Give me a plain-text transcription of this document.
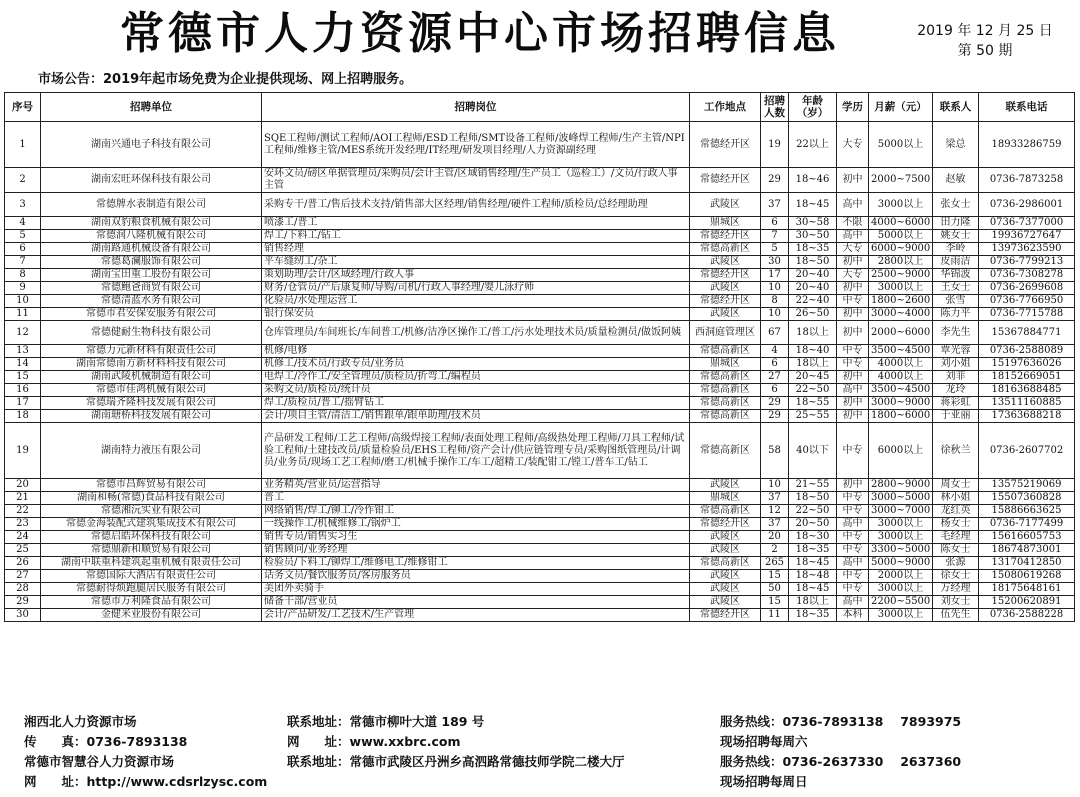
常德市人力资源中心市场招聘信息	2019 年 12 月 25 日
第 50 期
市场公告：2019年起市场免费为企业提供现场、网上招聘服务。
序号	招聘单位	招聘岗位	工作地点	招聘人数	年龄（岁）	学历	月薪（元）	联系人	联系电话
1	湖南兴通电子科技有限公司	SQE工程师/测试工程师/AOI工程师/ESD工程师/SMT设备工程师/波峰焊工程师/生产主管/NPI工程师/维修主管/MES系统开发经理/IT经理/研发项目经理/人力资源副经理	常德经开区	19	22以上	大专	5000以上	梁总	18933286759
2	湖南宏旺环保科技有限公司	安环文员/磅区单据管理员/采购员/会计主管/区域销售经理/生产员工（巡检工）/文员/行政人事主管	常德经开区	29	18~46	初中	2000~7500	赵敏	0736-7873258
3	常德牌水表制造有限公司	采购专干/普工/售后技术支持/销售部大区经理/销售经理/硬件工程师/质检员/总经理助理	武陵区	37	18~45	高中	3000以上	张女士	0736-2986001
4	湖南双豹粮食机械有限公司	喷漆工/普工	鼎城区	6	30~58	不限	4000~6000	田力隆	0736-7377000
5	常德润八隆机械有限公司	焊工/下料工/钻工	常德经开区	7	30~50	高中	5000以上	姚女士	19936727647
6	湖南路通机械设备有限公司	销售经理	常德高新区	5	18~35	大专	6000~9000	李岭	13973623590
7	常德葛澜服饰有限公司	平车缝纫工/杂工	武陵区	30	18~50	初中	2800以上	皮雨洁	0736-7799213
8	湖南宝田重工股份有限公司	策划助理/会计/区域经理/行政人事	常德经开区	17	20~40	大专	2500~9000	华锦波	0736-7308278
9	常德鲍爸商贸有限公司	财务/仓管员/产后康复师/导购/司机/行政人事经理/婴儿泳疗师	武陵区	10	20~40	初中	3000以上	王女士	0736-2699608
10	常德清蓝水务有限公司	化验员/水处理运营工	常德经开区	8	22~40	中专	1800~2600	张雪	0736-7766950
11	常德市君安保安服务有限公司	银行保安员	武陵区	10	26~50	初中	3000~4000	陈力平	0736-7715788
12	常德健耐生物科技有限公司	仓库管理员/车间班长/车间普工/机修/洁净区操作工/普工/污水处理技术员/质量检测员/做饭阿姨	西洞庭管理区	67	18以上	初中	2000~6000	李先生	15367884771
13	常德力元新材料有限责任公司	机修/电修	常德高新区	4	18~40	中专	3500~4500	覃光蓉	0736-2588089
14	湖南常德南方新材料科技有限公司	机修工/技术员/行政专员/业务员	鼎城区	6	18以上	中专	4000以上	刘小姐	15197636026
15	湖南武陵机械制造有限公司	电焊工/冷作工/安全管理员/质检员/折弯工/编程员	常德高新区	27	20~45	初中	4000以上	刘菲	18152669051
16	常德市佳鸿机械有限公司	采购文员/质检员/统计员	常德高新区	6	22~50	高中	3500~4500	龙玲	18163688485
17	常德瑞齐隆科技发展有限公司	焊工/质检员/普工/摇臂钻工	常德高新区	29	18~55	初中	3000~9000	蒋彩虹	13511160885
18	湖南瑭桥科技发展有限公司	会计/项目主管/清洁工/销售跟单/跟单助理/技术员	常德高新区	29	25~55	初中	1800~6000	于亚丽	17363688218
19	湖南特力液压有限公司	产品研发工程师/工艺工程师/高级焊接工程师/表面处理工程师/高级热处理工程师/刀具工程师/试验工程师/土建技改员/质量检验员/EHS工程师/资产会计/供应链管理专员/采购图纸管理员/计调员/业务员/现场工艺工程师/磨工/机械手操作工/车工/超精工/装配钳工/镗工/普车工/钻工	常德高新区	58	40以下	中专	6000以上	徐秋兰	0736-2607702
20	常德市昌辉贸易有限公司	业务精英/营业员/运营指导	武陵区	10	21~55	初中	2800~9000	周女士	13575219069
21	湖南和畅(常德)食品科技有限公司	普工	鼎城区	37	18~50	中专	3000~5000	林小姐	15507360828
22	常德湘沅实业有限公司	网络销售/焊工/铆工/冷作钳工	常德高新区	12	22~50	中专	3000~7000	龙红英	15886663625
23	常德金海装配式建筑集成技术有限公司	一线操作工/机械维修工/锅炉工	常德经开区	37	20~50	高中	3000以上	杨女士	0736-7177499
24	常德启皓环保科技有限公司	销售专员/销售实习生	武陵区	20	18~30	中专	3000以上	毛经理	15616605753
25	常德鼎新和顺贸易有限公司	销售顾问/业务经理	武陵区	2	18~35	中专	3300~5000	陈女士	18674873001
26	湖南中联重科建筑起重机械有限责任公司	检验员/下料工/铆焊工/维修电工/维修钳工	常德高新区	265	18~45	高中	5000~9000	张源	13170412850
27	常德国际大酒店有限责任公司	话务文员/餐饮服务员/客房服务员	武陵区	15	18~48	中专	2000以上	徐女士	15080619268
28	常德耐得烦跑腿居民服务有限公司	美团外卖骑手	武陵区	50	18~45	中专	3000以上	万经理	18175648161
29	常德市万利隆食品有限公司	储备干部/营业员	武陵区	15	18以上	高中	2200~5500	刘女士	15200620891
30	金健米业股份有限公司	会计/产品研发/工艺技术/生产管理	常德经开区	11	18~35	本科	3000以上	伍先生	0736-2588228
湘西北人力资源市场	联系地址：常德市柳叶大道 189 号	服务热线：0736-7893138　 7893975
传　　真：0736-7893138	网　　址：www.xxbrc.com	现场招聘每周六
常德市智慧谷人力资源市场	联系地址：常德市武陵区丹洲乡高泗路常德技师学院二楼大厅	服务热线：0736-2637330　 2637360
网　　址：http://www.cdsrlzysc.com	现场招聘每周日
